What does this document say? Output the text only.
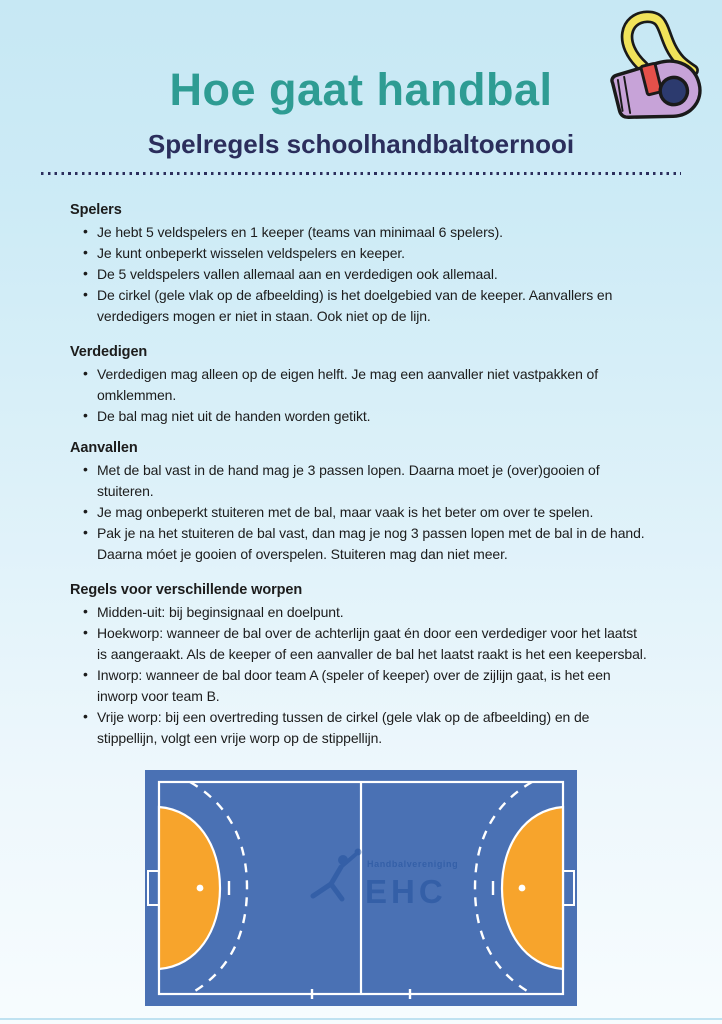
Hoe gaat handbal
Spelregels schoolhandbaltoernooi
Spelers
• Je hebt 5 veldspelers en 1 keeper (teams van minimaal 6 spelers).
• Je kunt onbeperkt wisselen veldspelers en keeper.
• De 5 veldspelers vallen allemaal aan en verdedigen ook allemaal.
• De cirkel (gele vlak op de afbeelding) is het doelgebied van de keeper. Aanvallers en verdedigers mogen er niet in staan. Ook niet op de lijn.
Verdedigen
• Verdedigen mag alleen op de eigen helft. Je mag een aanvaller niet vastpakken of omklemmen.
• De bal mag niet uit de handen worden getikt.
Aanvallen
• Met de bal vast in de hand mag je 3 passen lopen. Daarna moet je (over)gooien of stuiteren.
• Je mag onbeperkt stuiteren met de bal, maar vaak is het beter om over te spelen.
• Pak je na het stuiteren de bal vast, dan mag je nog 3 passen lopen met de bal in de hand. Daarna móet je gooien of overspelen. Stuiteren mag dan niet meer.
Regels voor verschillende worpen
• Midden-uit: bij beginsignaal en doelpunt.
• Hoekworp: wanneer de bal over de achterlijn gaat én door een verdediger voor het laatst is aangeraakt. Als de keeper of een aanvaller de bal het laatst raakt is het een keepersbal.
• Inworp: wanneer de bal door team A (speler of keeper) over de zijlijn gaat, is het een inworp voor team B.
• Vrije worp: bij een overtreding tussen de cirkel (gele vlak op de afbeelding) en de stippellijn, volgt een vrije worp op de stippellijn.
Handbalvereniging
EHC
